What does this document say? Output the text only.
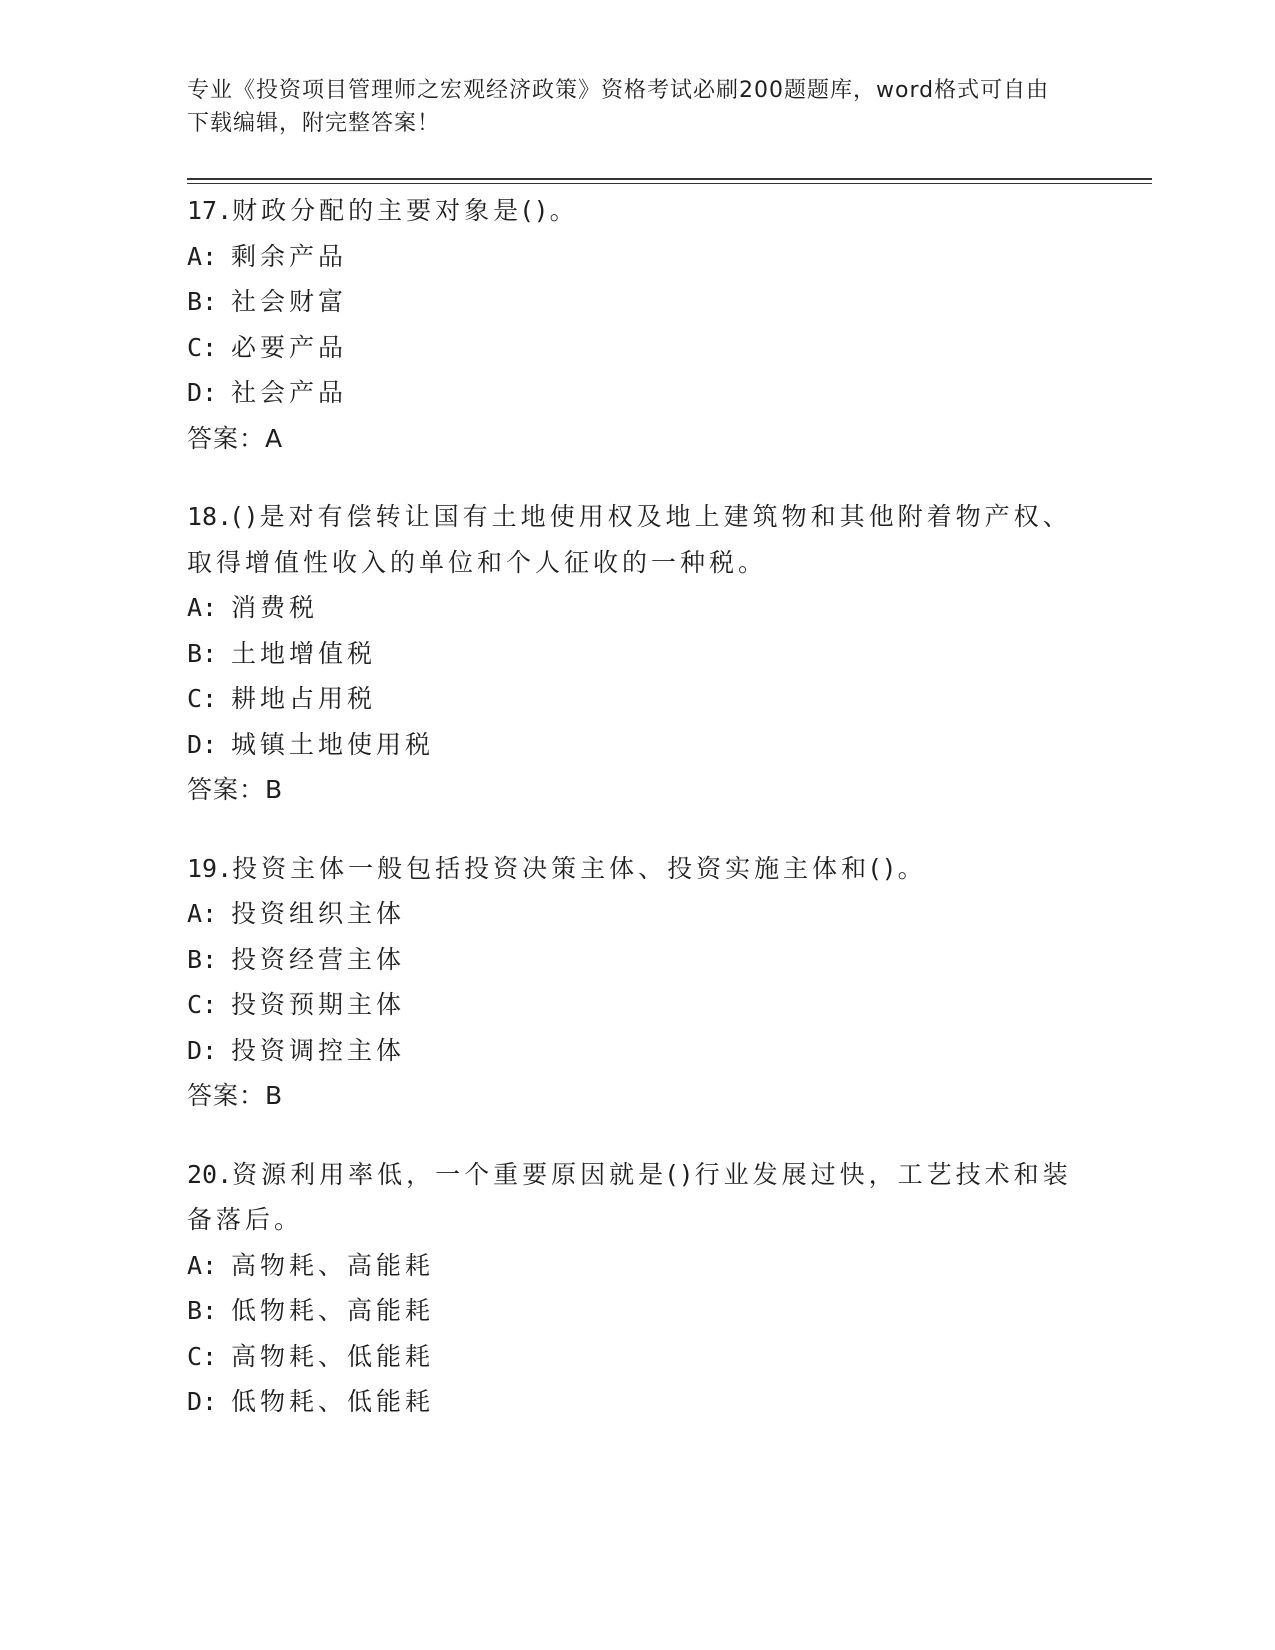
专业《投资项目管理师之宏观经济政策》资格考试必刷200题题库，word格式可自由下载编辑，附完整答案！
17.财政分配的主要对象是()。
A: 剩余产品
B: 社会财富
C: 必要产品
D: 社会产品
答案：A
18.()是对有偿转让国有土地使用权及地上建筑物和其他附着物产权、取得增值性收入的单位和个人征收的一种税。
A: 消费税
B: 土地增值税
C: 耕地占用税
D: 城镇土地使用税
答案：B
19.投资主体一般包括投资决策主体、投资实施主体和()。
A: 投资组织主体
B: 投资经营主体
C: 投资预期主体
D: 投资调控主体
答案：B
20.资源利用率低，一个重要原因就是()行业发展过快，工艺技术和装备落后。
A: 高物耗、高能耗
B: 低物耗、高能耗
C: 高物耗、低能耗
D: 低物耗、低能耗
